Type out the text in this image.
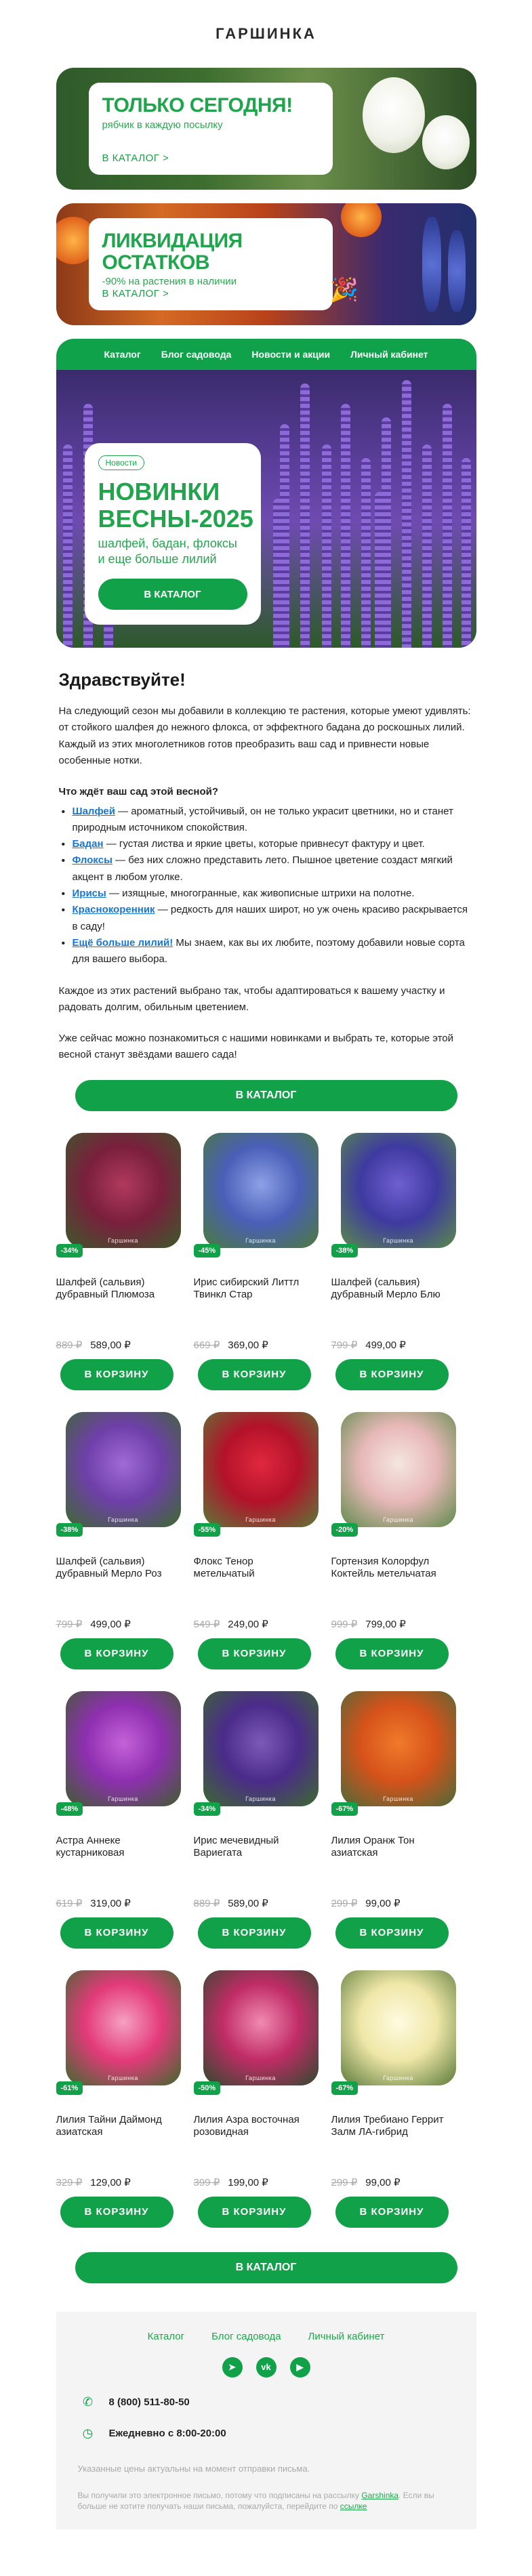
ГАРШИНКА
ТОЛЬКО СЕГОДНЯ!
рябчик в каждую посылку
В КАТАЛОГ >
ЛИКВИДАЦИЯ ОСТАТКОВ
-90% на растения в наличии
В КАТАЛОГ >	🎉
Каталог Блог садовода Новости и акции Личный кабинет
Новости
НОВИНКИ ВЕСНЫ-2025
шалфей, бадан, флоксы и еще больше лилий
В КАТАЛОГ
Здравствуйте!

На следующий сезон мы добавили в коллекцию те растения, которые умеют удивлять: от стойкого шалфея до нежного флокса, от эффектного бадана до роскошных лилий. Каждый из этих многолетников готов преобразить ваш сад и привнести новые особенные нотки.

Что ждёт ваш сад этой весной?
• Шалфей — ароматный, устойчивый, он не только украсит цветники, но и станет природным источником спокойствия.
• Бадан — густая листва и яркие цветы, которые привнесут фактуру и цвет.
• Флоксы — без них сложно представить лето. Пышное цветение создаст мягкий акцент в любом уголке.
• Ирисы — изящные, многогранные, как живописные штрихи на полотне.
• Краснокоренник — редкость для наших широт, но уж очень красиво раскрывается в саду!
• Ещё больше лилий! Мы знаем, как вы их любите, поэтому добавили новые сорта для вашего выбора.

Каждое из этих растений выбрано так, чтобы адаптироваться к вашему участку и радовать долгим, обильным цветением.

Уже сейчас можно познакомиться с нашими новинками и выбрать те, которые этой весной станут звёздами вашего сада!

В КАТАЛОГ
Гаршинка
-34%
Шалфей (сальвия) дубравный Плюмоза
889 ₽ 589,00 ₽
В КОРЗИНУ
Гаршинка
-45%
Ирис сибирский Литтл Твинкл Стар
669 ₽ 369,00 ₽
В КОРЗИНУ
Гаршинка
-38%
Шалфей (сальвия) дубравный Мерло Блю
799 ₽ 499,00 ₽
В КОРЗИНУ
Гаршинка
-38%
Шалфей (сальвия) дубравный Мерло Роз
799 ₽ 499,00 ₽
В КОРЗИНУ
Гаршинка
-55%
Флокс Тенор метельчатый
549 ₽ 249,00 ₽
В КОРЗИНУ
Гаршинка
-20%
Гортензия Колорфул Коктейль метельчатая
999 ₽ 799,00 ₽
В КОРЗИНУ
Гаршинка
-48%
Астра Аннеке кустарниковая
619 ₽ 319,00 ₽
В КОРЗИНУ
Гаршинка
-34%
Ирис мечевидный Вариегата
889 ₽ 589,00 ₽
В КОРЗИНУ
Гаршинка
-67%
Лилия Оранж Тон азиатская
299 ₽ 99,00 ₽
В КОРЗИНУ
Гаршинка
-61%
Лилия Тайни Даймонд азиатская
329 ₽ 129,00 ₽
В КОРЗИНУ
Гаршинка
-50%
Лилия Азра восточная розовидная
399 ₽ 199,00 ₽
В КОРЗИНУ
Гаршинка
-67%
Лилия Требиано Геррит Залм ЛА-гибрид
299 ₽ 99,00 ₽
В КОРЗИНУ
В КАТАЛОГ
Каталог	Блог садовода	Личный кабинет
➤	vk	▶
✆	8 (800) 511-80-50
◷	Ежедневно с 8:00-20:00
Указанные цены актуальны на момент отправки письма.
Вы получили это электронное письмо, потому что подписаны на рассылку Garshinka. Если вы больше не хотите получать наши письма, пожалуйста, перейдите по ссылке
